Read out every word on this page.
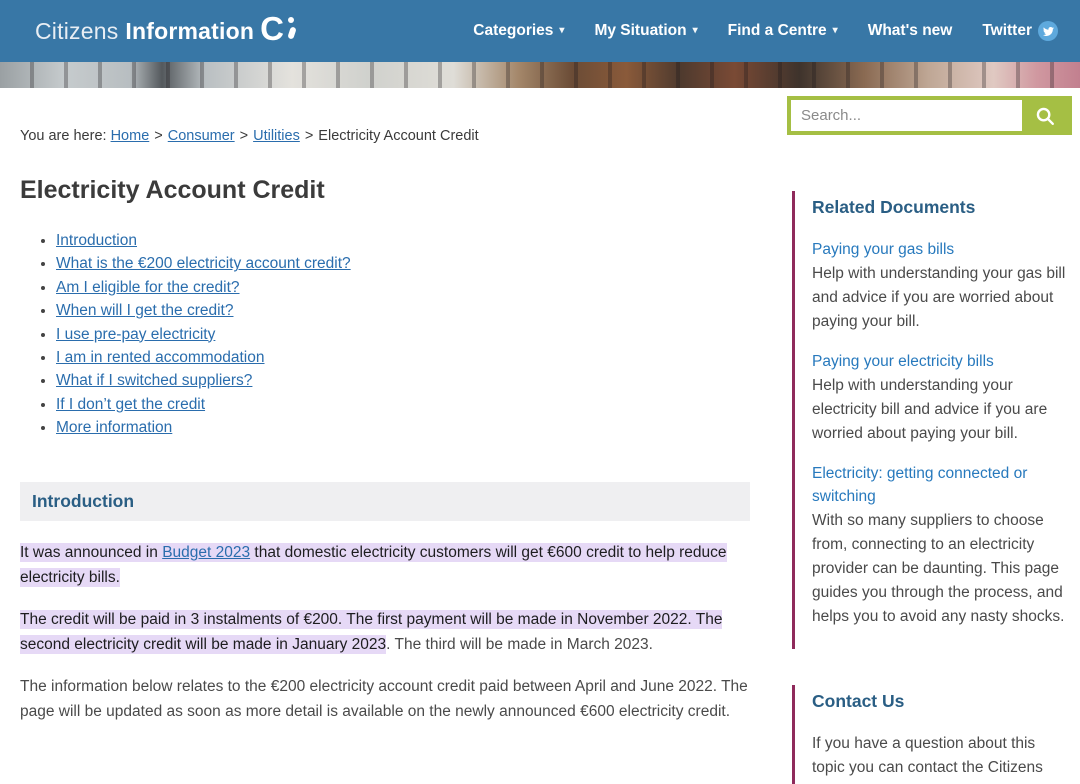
Citizens Information C	Categories ▾ My Situation ▾ Find a Centre ▾ What's new Twitter
Search...
You are here: Home > Consumer > Utilities > Electricity Account Credit
Electricity Account Credit
• Introduction
• What is the €200 electricity account credit?
• Am I eligible for the credit?
• When will I get the credit?
• I use pre-pay electricity
• I am in rented accommodation
• What if I switched suppliers?
• If I don’t get the credit
• More information
Introduction

It was announced in Budget 2023 that domestic electricity customers will get €600 credit to help reduce electricity bills.

The credit will be paid in 3 instalments of €200. The first payment will be made in November 2022. The second electricity credit will be made in January 2023. The third will be made in March 2023.

The information below relates to the €200 electricity account credit paid between April and June 2022. The page will be updated as soon as more detail is available on the newly announced €600 electricity credit.

Related Documents
Paying your gas bills
Help with understanding your gas bill and advice if you are worried about paying your bill.
Paying your electricity bills
Help with understanding your electricity bill and advice if you are worried about paying your bill.
Electricity: getting connected or switching
With so many suppliers to choose from, connecting to an electricity provider can be daunting. This page guides you through the process, and helps you to avoid any nasty shocks.
Contact Us

If you have a question about this topic you can contact the Citizens
